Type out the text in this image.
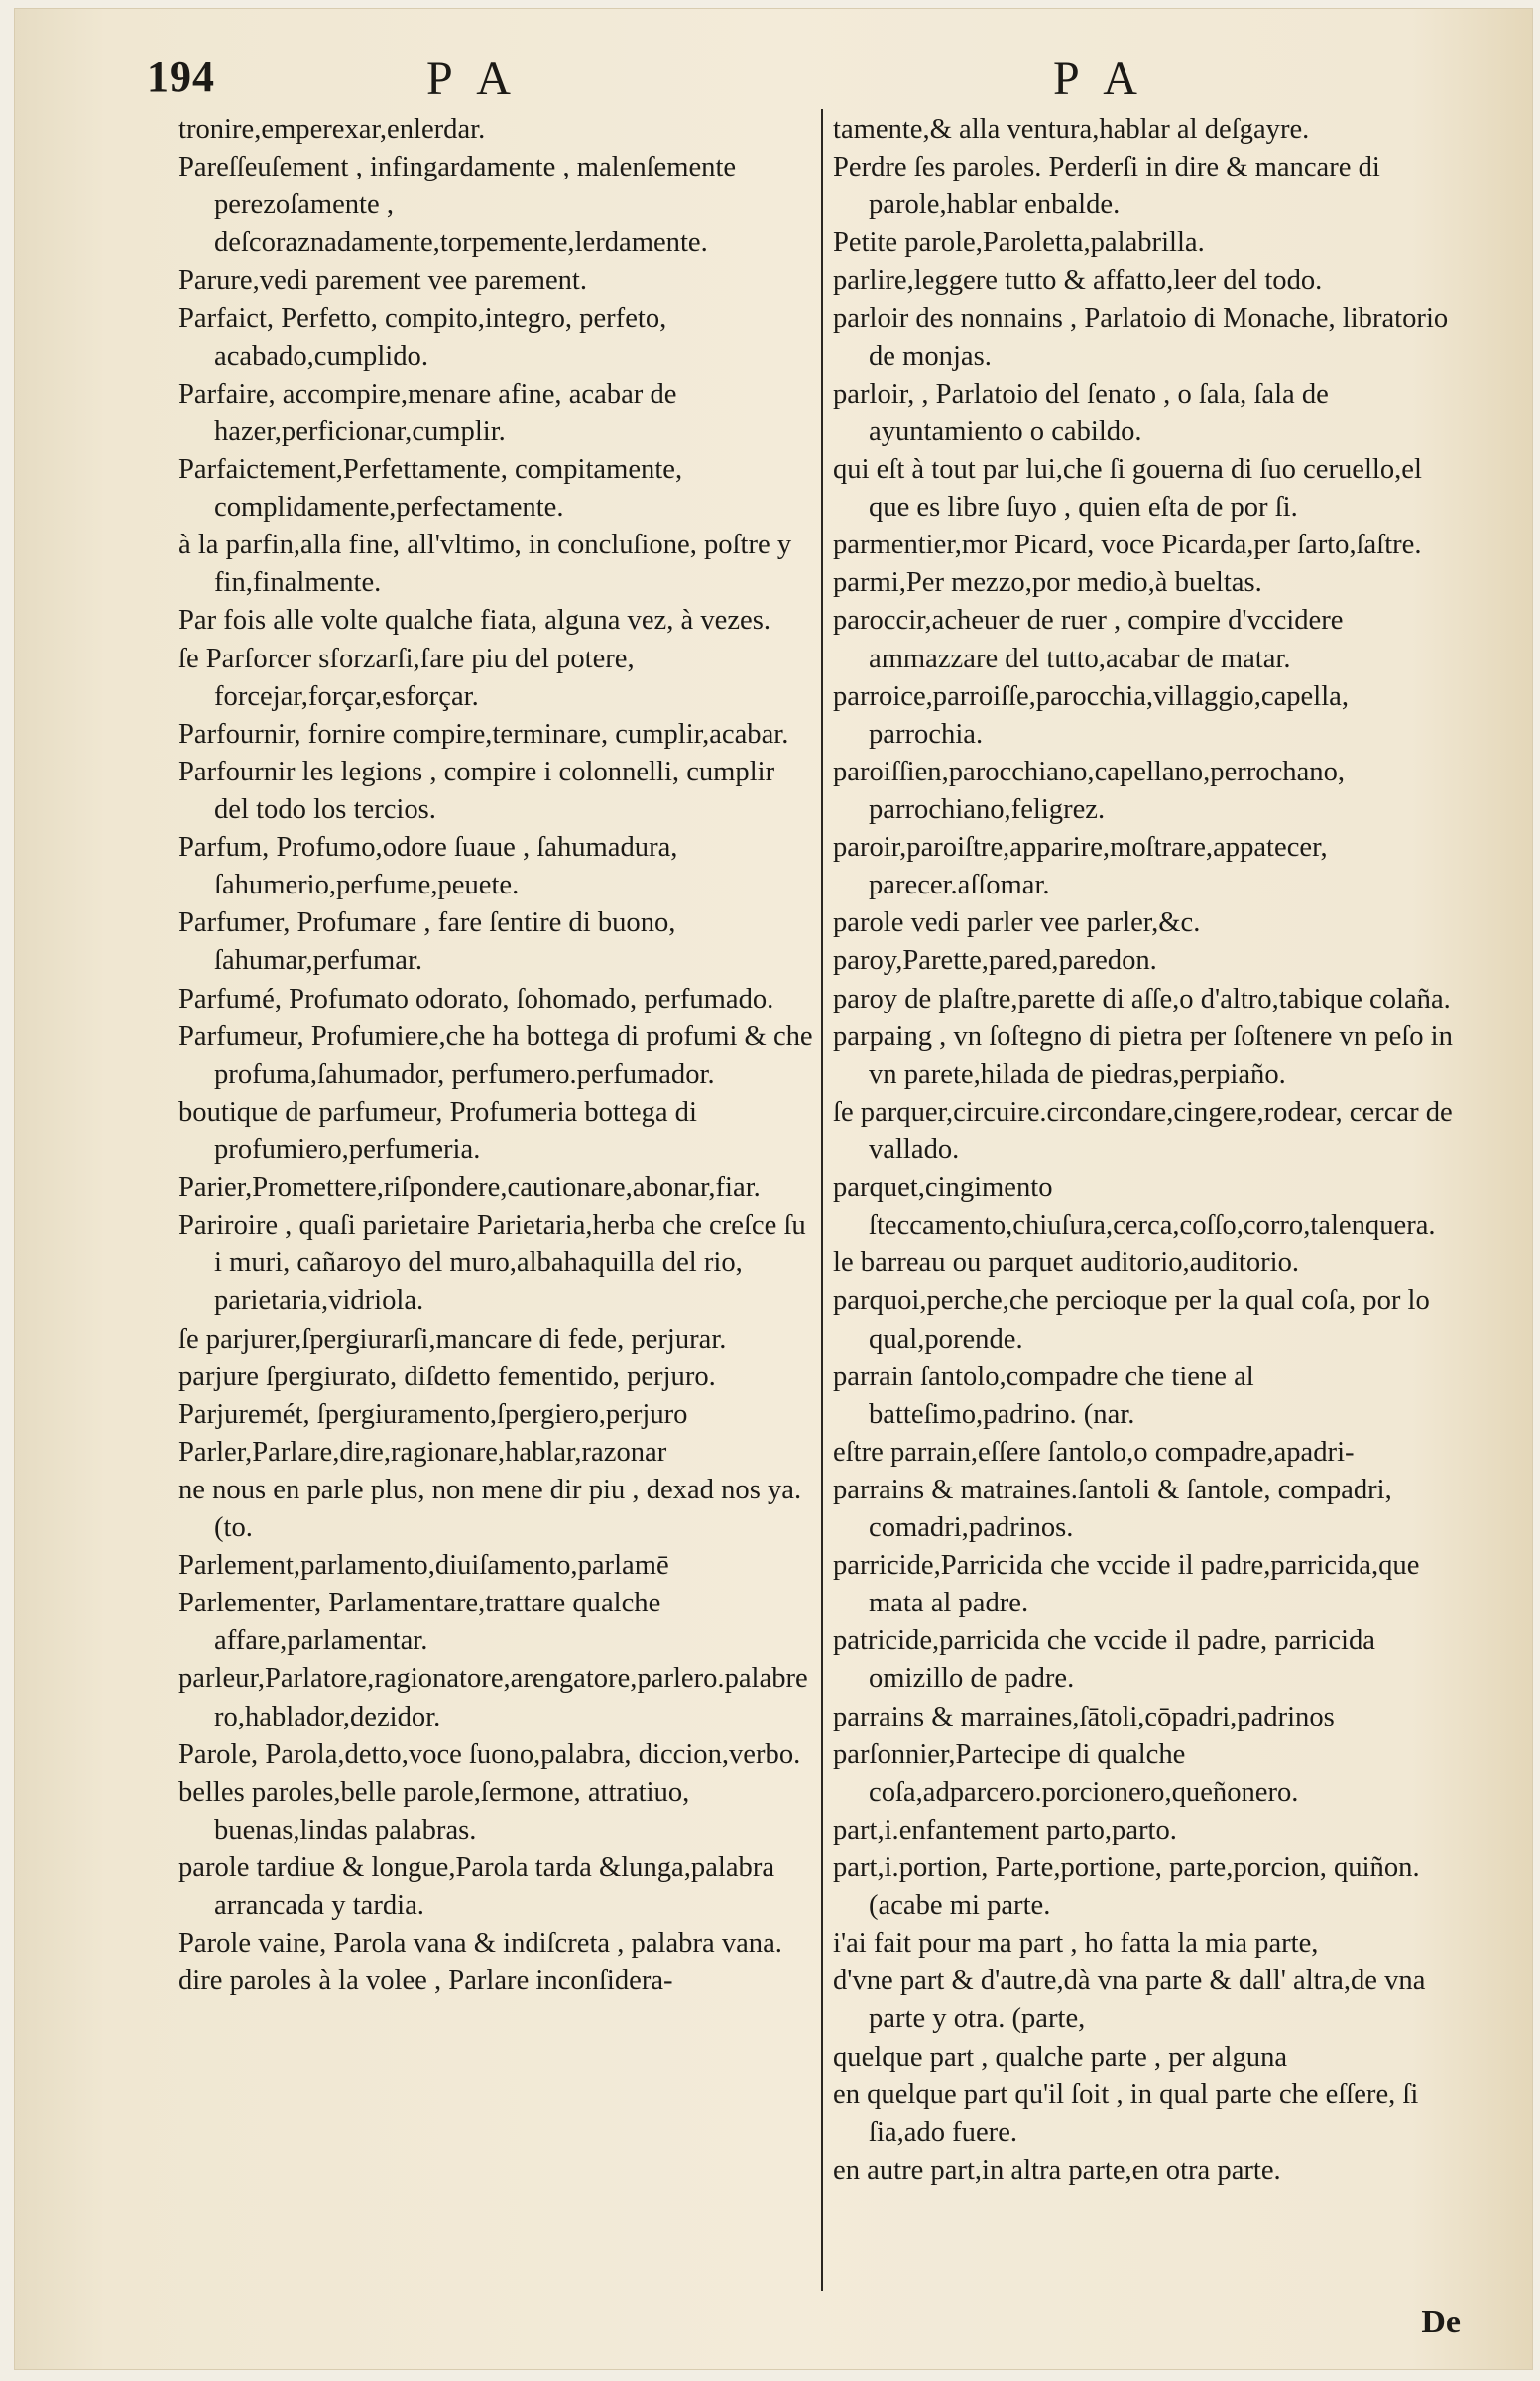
194	P A	P A

tronire,emperexar,enlerdar.

Pareſſeuſement , infingardamente , malenſemente perezoſamente , deſcoraznadamente,torpemente,lerdamente.

Parure,vedi parement vee parement.

Parfaict, Perfetto, compito,integro, perfeto, acabado,cumplido.

Parfaire, accompire,menare afine, acabar de hazer,perficionar,cumplir.

Parfaictement,Perfettamente, compitamente, complidamente,perfectamente.

à la parfin,alla fine, all'vltimo, in concluſione, poſtre y fin,finalmente.

Par fois alle volte qualche fiata, alguna vez, à vezes.

ſe Parforcer sforzarſi,fare piu del potere, forcejar,forçar,esforçar.

Parfournir, fornire compire,terminare, cumplir,acabar.

Parfournir les legions , compire i colonnelli, cumplir del todo los tercios.

Parfum, Profumo,odore ſuaue , ſahumadura, ſahumerio,perfume,peuete.

Parfumer, Profumare , fare ſentire di buono, ſahumar,perfumar.

Parfumé, Profumato odorato, ſohomado, perfumado.

Parfumeur, Profumiere,che ha bottega di profumi & che profuma,ſahumador, perfumero.perfumador.

boutique de parfumeur, Profumeria bottega di profumiero,perfumeria.

Parier,Promettere,riſpondere,cautionare,abonar,fiar.

Pariroire , quaſi parietaire Parietaria,herba che creſce ſu i muri, cañaroyo del muro,albahaquilla del rio, parietaria,vidriola.

ſe parjurer,ſpergiurarſi,mancare di fede, perjurar.

parjure ſpergiurato, diſdetto fementido, perjuro.

Parjuremét, ſpergiuramento,ſpergiero,perjuro

Parler,Parlare,dire,ragionare,hablar,razonar

ne nous en parle plus, non mene dir piu , dexad nos ya. (to.

Parlement,parlamento,diuiſamento,parlamē

Parlementer, Parlamentare,trattare qualche affare,parlamentar.

parleur,Parlatore,ragionatore,arengatore,parlero.palabrero,hablador,dezidor.

Parole, Parola,detto,voce ſuono,palabra, diccion,verbo.

belles paroles,belle parole,ſermone, attratiuo, buenas,lindas palabras.

parole tardiue & longue,Parola tarda &lunga,palabra arrancada y tardia.

Parole vaine, Parola vana & indiſcreta , palabra vana.

dire paroles à la volee , Parlare inconſidera-

tamente,& alla ventura,hablar al deſgayre.

Perdre ſes paroles. Perderſi in dire & mancare di parole,hablar enbalde.

Petite parole,Paroletta,palabrilla.

parlire,leggere tutto & affatto,leer del todo.

parloir des nonnains , Parlatoio di Monache, libratorio de monjas.

parloir, , Parlatoio del ſenato , o ſala, ſala de ayuntamiento o cabildo.

qui eſt à tout par lui,che ſi gouerna di ſuo ceruello,el que es libre ſuyo , quien eſta de por ſi.

parmentier,mor Picard, voce Picarda,per ſarto,ſaſtre.

parmi,Per mezzo,por medio,à bueltas.

paroccir,acheuer de ruer , compire d'vccidere ammazzare del tutto,acabar de matar.

parroice,parroiſſe,parocchia,villaggio,capella, parrochia.

paroiſſien,parocchiano,capellano,perrochano, parrochiano,feligrez.

paroir,paroiſtre,apparire,moſtrare,appatecer, parecer.aſſomar.

parole vedi parler vee parler,&c.

paroy,Parette,pared,paredon.

paroy de plaſtre,parette di aſſe,o d'altro,tabique colaña.

parpaing , vn ſoſtegno di pietra per ſoſtenere vn peſo in vn parete,hilada de piedras,perpiaño.

ſe parquer,circuire.circondare,cingere,rodear, cercar de vallado.

parquet,cingimento ſteccamento,chiuſura,cerca,coſſo,corro,talenquera.

le barreau ou parquet auditorio,auditorio.

parquoi,perche,che percioque per la qual coſa, por lo qual,porende.

parrain ſantolo,compadre che tiene al batteſimo,padrino. (nar.

eſtre parrain,eſſere ſantolo,o compadre,apadri-

parrains & matraines.ſantoli & ſantole, compadri, comadri,padrinos.

parricide,Parricida che vccide il padre,parricida,que mata al padre.

patricide,parricida che vccide il padre, parricida omizillo de padre.

parrains & marraines,ſātoli,cōpadri,padrinos

parſonnier,Partecipe di qualche coſa,adparcero.porcionero,queñonero.

part,i.enfantement parto,parto.

part,i.portion, Parte,portione, parte,porcion, quiñon. (acabe mi parte.

i'ai fait pour ma part , ho fatta la mia parte,

d'vne part & d'autre,dà vna parte & dall' altra,de vna parte y otra. (parte,

quelque part , qualche parte , per alguna

en quelque part qu'il ſoit , in qual parte che eſſere, ſi ſia,ado fuere.

en autre part,in altra parte,en otra parte.

De
